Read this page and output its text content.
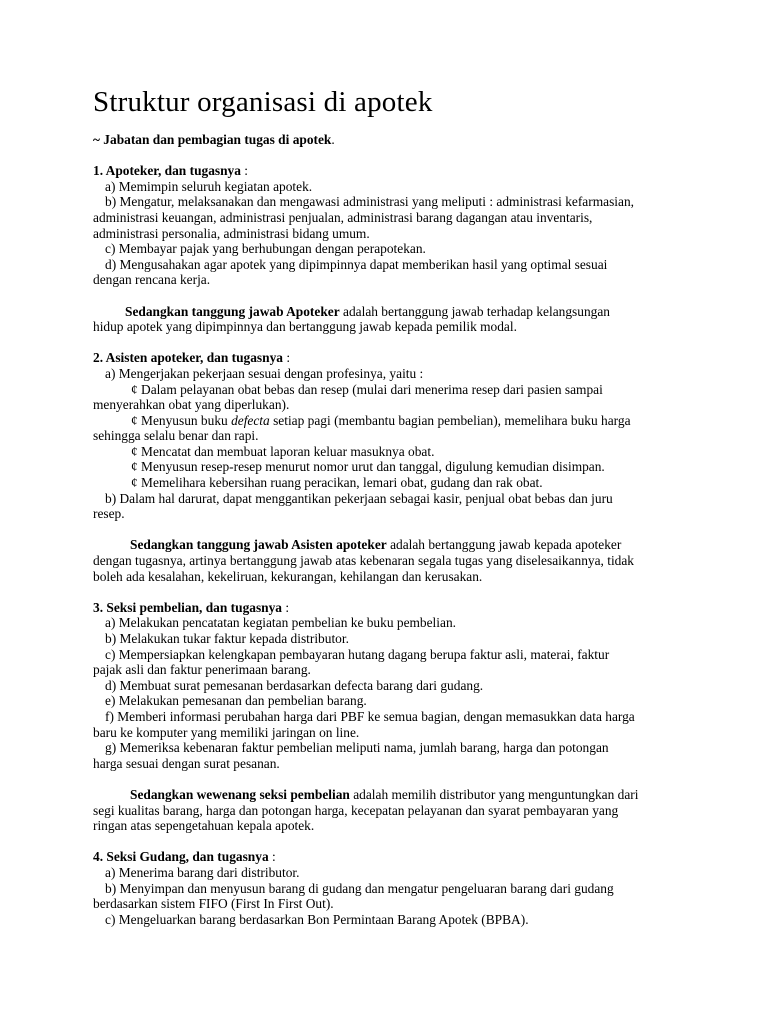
Struktur organisasi di apotek

~ Jabatan dan pembagian tugas di apotek.

1. Apoteker, dan tugasnya :

a) Memimpin seluruh kegiatan apotek.

b) Mengatur, melaksanakan dan mengawasi administrasi yang meliputi : administrasi kefarmasian,

administrasi keuangan, administrasi penjualan, administrasi barang dagangan atau inventaris,

administrasi personalia, administrasi bidang umum.

c) Membayar pajak yang berhubungan dengan perapotekan.

d) Mengusahakan agar apotek yang dipimpinnya dapat memberikan hasil yang optimal sesuai

dengan rencana kerja.

Sedangkan tanggung jawab Apoteker adalah bertanggung jawab terhadap kelangsungan

hidup apotek yang dipimpinnya dan bertanggung jawab kepada pemilik modal.

2. Asisten apoteker, dan tugasnya :

a) Mengerjakan pekerjaan sesuai dengan profesinya, yaitu :

¢ Dalam pelayanan obat bebas dan resep (mulai dari menerima resep dari pasien sampai

menyerahkan obat yang diperlukan).

¢ Menyusun buku defecta setiap pagi (membantu bagian pembelian), memelihara buku harga

sehingga selalu benar dan rapi.

¢ Mencatat dan membuat laporan keluar masuknya obat.

¢ Menyusun resep-resep menurut nomor urut dan tanggal, digulung kemudian disimpan.

¢ Memelihara kebersihan ruang peracikan, lemari obat, gudang dan rak obat.

b) Dalam hal darurat, dapat menggantikan pekerjaan sebagai kasir, penjual obat bebas dan juru

resep.

Sedangkan tanggung jawab Asisten apoteker adalah bertanggung jawab kepada apoteker

dengan tugasnya, artinya bertanggung jawab atas kebenaran segala tugas yang diselesaikannya, tidak

boleh ada kesalahan, kekeliruan, kekurangan, kehilangan dan kerusakan.

3. Seksi pembelian, dan tugasnya :

a) Melakukan pencatatan kegiatan pembelian ke buku pembelian.

b) Melakukan tukar faktur kepada distributor.

c) Mempersiapkan kelengkapan pembayaran hutang dagang berupa faktur asli, materai, faktur

pajak asli dan faktur penerimaan barang.

d) Membuat surat pemesanan berdasarkan defecta barang dari gudang.

e) Melakukan pemesanan dan pembelian barang.

f) Memberi informasi perubahan harga dari PBF ke semua bagian, dengan memasukkan data harga

baru ke komputer yang memiliki jaringan on line.

g) Memeriksa kebenaran faktur pembelian meliputi nama, jumlah barang, harga dan potongan

harga sesuai dengan surat pesanan.

Sedangkan wewenang seksi pembelian adalah memilih distributor yang menguntungkan dari

segi kualitas barang, harga dan potongan harga, kecepatan pelayanan dan syarat pembayaran yang

ringan atas sepengetahuan kepala apotek.

4. Seksi Gudang, dan tugasnya :

a) Menerima barang dari distributor.

b) Menyimpan dan menyusun barang di gudang dan mengatur pengeluaran barang dari gudang

berdasarkan sistem FIFO (First In First Out).

c) Mengeluarkan barang berdasarkan Bon Permintaan Barang Apotek (BPBA).
